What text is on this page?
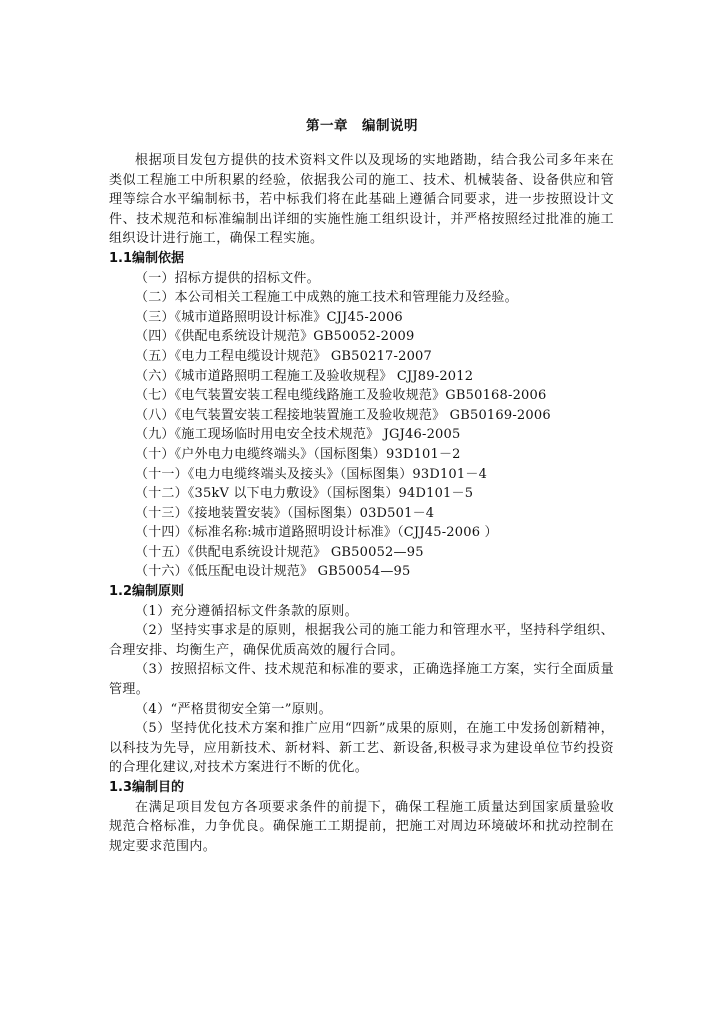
第一章　编制说明

根据项目发包方提供的技术资料文件以及现场的实地踏勘，结合我公司多年来在类似工程施工中所积累的经验，依据我公司的施工、技术、机械装备、设备供应和管理等综合水平编制标书，若中标我们将在此基础上遵循合同要求，进一步按照设计文件、技术规范和标准编制出详细的实施性施工组织设计，并严格按照经过批准的施工组织设计进行施工，确保工程实施。

1.1编制依据

（一）招标方提供的招标文件。

（二）本公司相关工程施工中成熟的施工技术和管理能力及经验。

（三）《城市道路照明设计标准》CJJ45-2006

（四）《供配电系统设计规范》GB50052-2009

（五）《电力工程电缆设计规范》 GB50217-2007

（六）《城市道路照明工程施工及验收规程》 CJJ89-2012

（七）《电气装置安装工程电缆线路施工及验收规范》GB50168-2006

（八）《电气装置安装工程接地装置施工及验收规范》 GB50169-2006

（九）《施工现场临时用电安全技术规范》 JGJ46-2005

（十）《户外电力电缆终端头》（国标图集）93D101－2

（十一）《电力电缆终端头及接头》（国标图集）93D101－4

（十二）《35kV 以下电力敷设》（国标图集）94D101－5

（十三）《接地装置安装》（国标图集）03D501－4

（十四）《标准名称:城市道路照明设计标准》（CJJ45-2006 ）

（十五）《供配电系统设计规范》 GB50052—95

（十六）《低压配电设计规范》 GB50054—95

1.2编制原则

（1）充分遵循招标文件条款的原则。

（2）坚持实事求是的原则，根据我公司的施工能力和管理水平，坚持科学组织、合理安排、均衡生产，确保优质高效的履行合同。

（3）按照招标文件、技术规范和标准的要求，正确选择施工方案，实行全面质量管理。

（4）“严格贯彻安全第一”原则。

（5）坚持优化技术方案和推广应用“四新”成果的原则，在施工中发扬创新精神，以科技为先导，应用新技术、新材料、新工艺、新设备,积极寻求为建设单位节约投资的合理化建议,对技术方案进行不断的优化。

1.3编制目的

在满足项目发包方各项要求条件的前提下，确保工程施工质量达到国家质量验收规范合格标准，力争优良。确保施工工期提前，把施工对周边环境破坏和扰动控制在规定要求范围内。
